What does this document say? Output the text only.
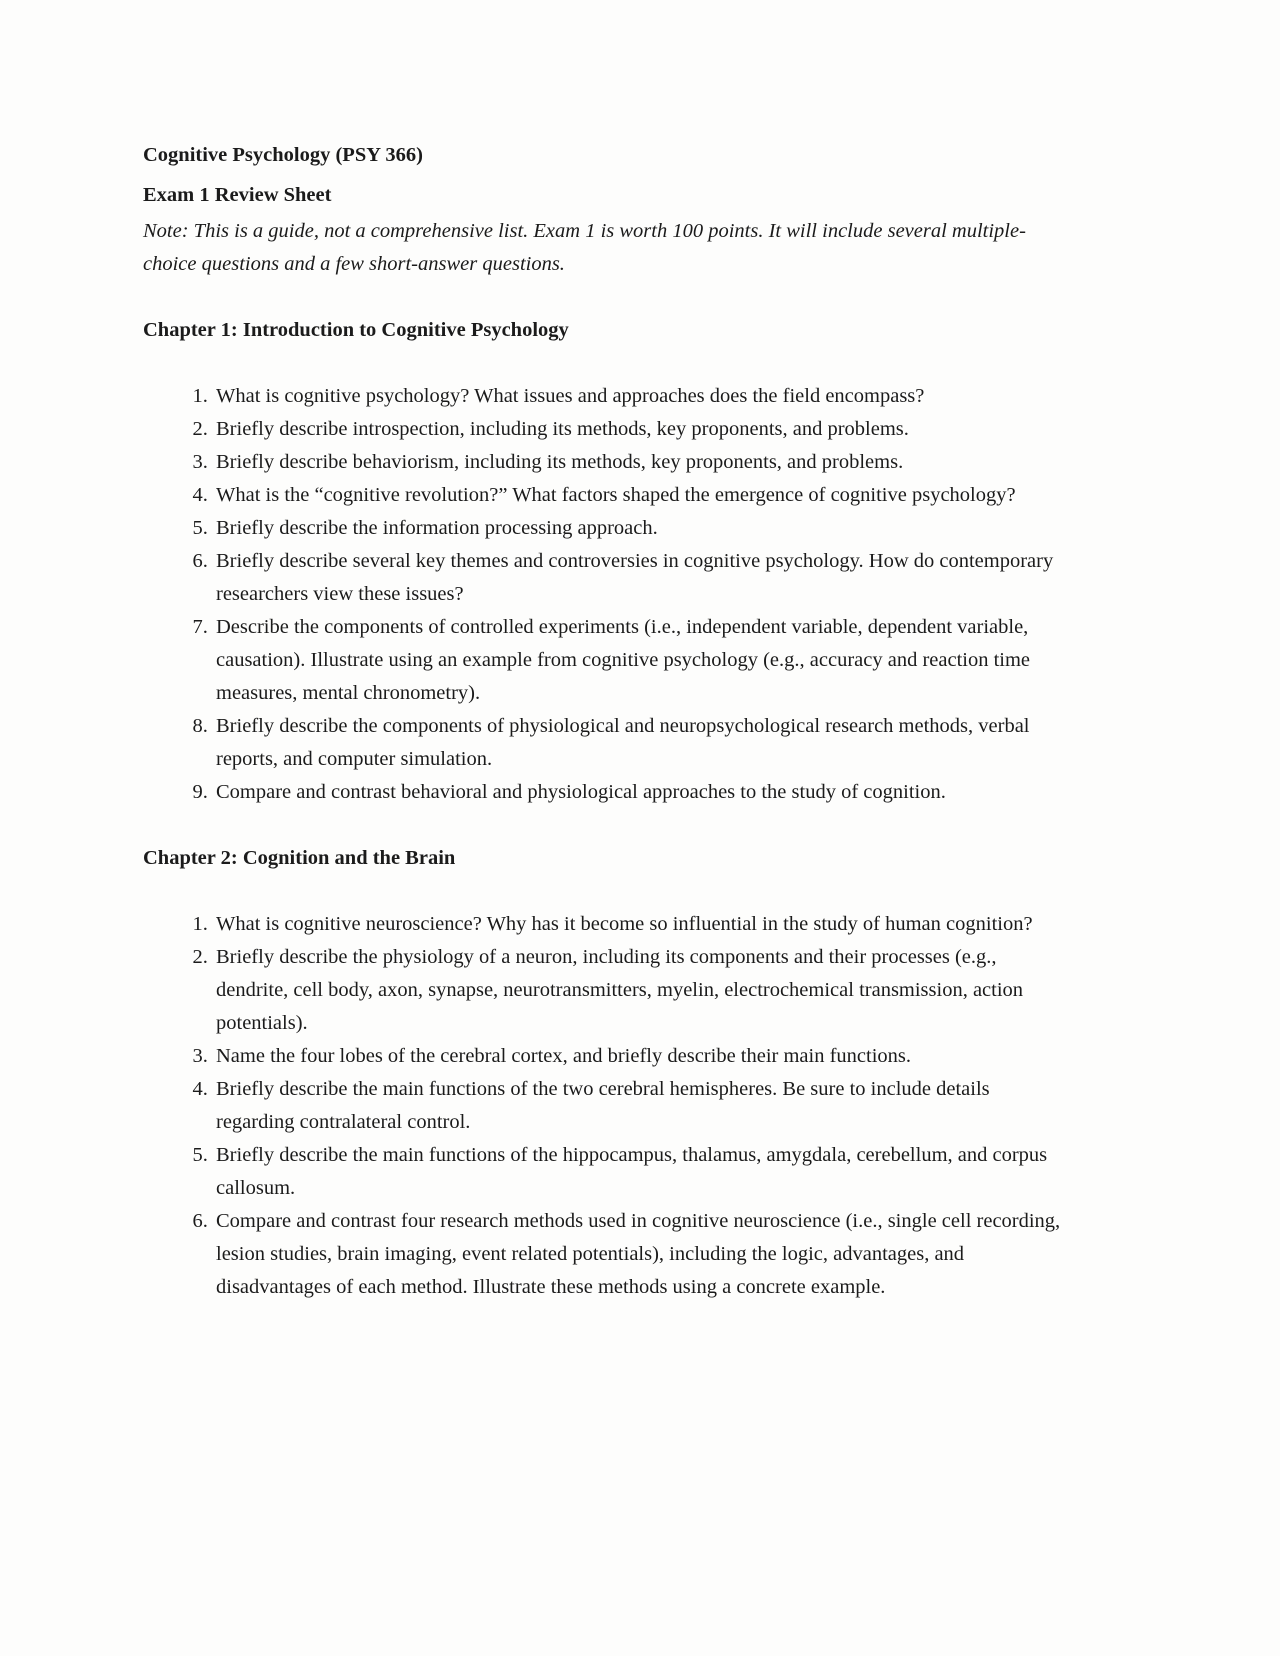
Cognitive Psychology (PSY 366)
Exam 1 Review Sheet

Note: This is a guide, not a comprehensive list. Exam 1 is worth 100 points. It will include several multiple-choice questions and a few short-answer questions.

Chapter 1: Introduction to Cognitive Psychology
1. What is cognitive psychology? What issues and approaches does the field encompass?
2. Briefly describe introspection, including its methods, key proponents, and problems.
3. Briefly describe behaviorism, including its methods, key proponents, and problems.
4. What is the “cognitive revolution?” What factors shaped the emergence of cognitive psychology?
5. Briefly describe the information processing approach.
6. Briefly describe several key themes and controversies in cognitive psychology. How do contemporary researchers view these issues?
7. Describe the components of controlled experiments (i.e., independent variable, dependent variable, causation). Illustrate using an example from cognitive psychology (e.g., accuracy and reaction time measures, mental chronometry).
8. Briefly describe the components of physiological and neuropsychological research methods, verbal reports, and computer simulation.
9. Compare and contrast behavioral and physiological approaches to the study of cognition.
Chapter 2: Cognition and the Brain
1. What is cognitive neuroscience? Why has it become so influential in the study of human cognition?
2. Briefly describe the physiology of a neuron, including its components and their processes (e.g., dendrite, cell body, axon, synapse, neurotransmitters, myelin, electrochemical transmission, action potentials).
3. Name the four lobes of the cerebral cortex, and briefly describe their main functions.
4. Briefly describe the main functions of the two cerebral hemispheres. Be sure to include details regarding contralateral control.
5. Briefly describe the main functions of the hippocampus, thalamus, amygdala, cerebellum, and corpus callosum.
6. Compare and contrast four research methods used in cognitive neuroscience (i.e., single cell recording, lesion studies, brain imaging, event related potentials), including the logic, advantages, and disadvantages of each method. Illustrate these methods using a concrete example.
